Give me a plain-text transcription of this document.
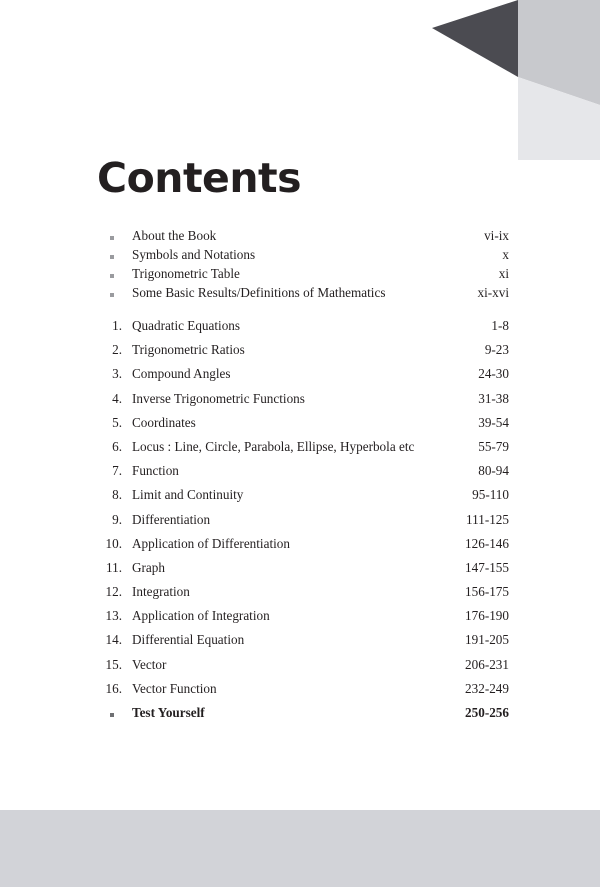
Contents
About the Book	vi-ix
Symbols and Notations	x
Trigonometric Table	xi
Some Basic Results/Definitions of Mathematics	xi-xvi
1. Quadratic Equations	1-8
2. Trigonometric Ratios	9-23
3. Compound Angles	24-30
4. Inverse Trigonometric Functions	31-38
5. Coordinates	39-54
6. Locus : Line, Circle, Parabola, Ellipse, Hyperbola etc	55-79
7. Function	80-94
8. Limit and Continuity	95-110
9. Differentiation	111-125
10. Application of Differentiation	126-146
11. Graph	147-155
12. Integration	156-175
13. Application of Integration	176-190
14. Differential Equation	191-205
15. Vector	206-231
16. Vector Function	232-249
Test Yourself	250-256
